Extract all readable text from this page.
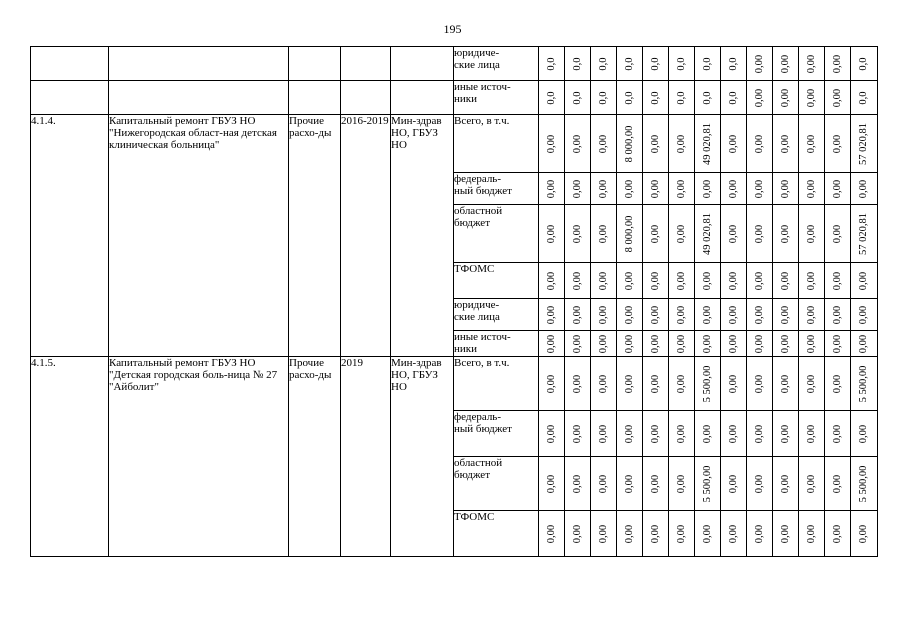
195
					юридиче-
ские лица	0,0	0,0	0,0	0,0	0,0	0,0	0,0	0,0	0,00	0,00	0,00	0,00	0,0

					иные источ-
ники	0,0	0,0	0,0	0,0	0,0	0,0	0,0	0,0	0,00	0,00	0,00	0,00	0,0

4.1.4.	Капитальный ремонт ГБУЗ НО "Нижегородская област-ная детская клиническая больница"	Прочие расхо-ды	2016-2019	Мин-здрав НО, ГБУЗ НО	Всего, в т.ч.	0,00	0,00	0,00	8 000,00	0,00	0,00	49 020,81	0,00	0,00	0,00	0,00	0,00	57 020,81

					федераль-
ный бюджет	0,00	0,00	0,00	0,00	0,00	0,00	0,00	0,00	0,00	0,00	0,00	0,00	0,00

					областной
бюджет	0,00	0,00	0,00	8 000,00	0,00	0,00	49 020,81	0,00	0,00	0,00	0,00	0,00	57 020,81

					ТФОМС	0,00	0,00	0,00	0,00	0,00	0,00	0,00	0,00	0,00	0,00	0,00	0,00	0,00

					юридиче-
ские лица	0,00	0,00	0,00	0,00	0,00	0,00	0,00	0,00	0,00	0,00	0,00	0,00	0,00

					иные источ-
ники	0,00	0,00	0,00	0,00	0,00	0,00	0,00	0,00	0,00	0,00	0,00	0,00	0,00

4.1.5.	Капитальный ремонт ГБУЗ НО "Детская городская боль-ница № 27 "Айболит"	Прочие расхо-ды	2019	Мин-здрав НО, ГБУЗ НО	Всего, в т.ч.	0,00	0,00	0,00	0,00	0,00	0,00	5 500,00	0,00	0,00	0,00	0,00	0,00	5 500,00

					федераль-
ный бюджет	0,00	0,00	0,00	0,00	0,00	0,00	0,00	0,00	0,00	0,00	0,00	0,00	0,00

					областной
бюджет	0,00	0,00	0,00	0,00	0,00	0,00	5 500,00	0,00	0,00	0,00	0,00	0,00	5 500,00

					ТФОМС	0,00	0,00	0,00	0,00	0,00	0,00	0,00	0,00	0,00	0,00	0,00	0,00	0,00
